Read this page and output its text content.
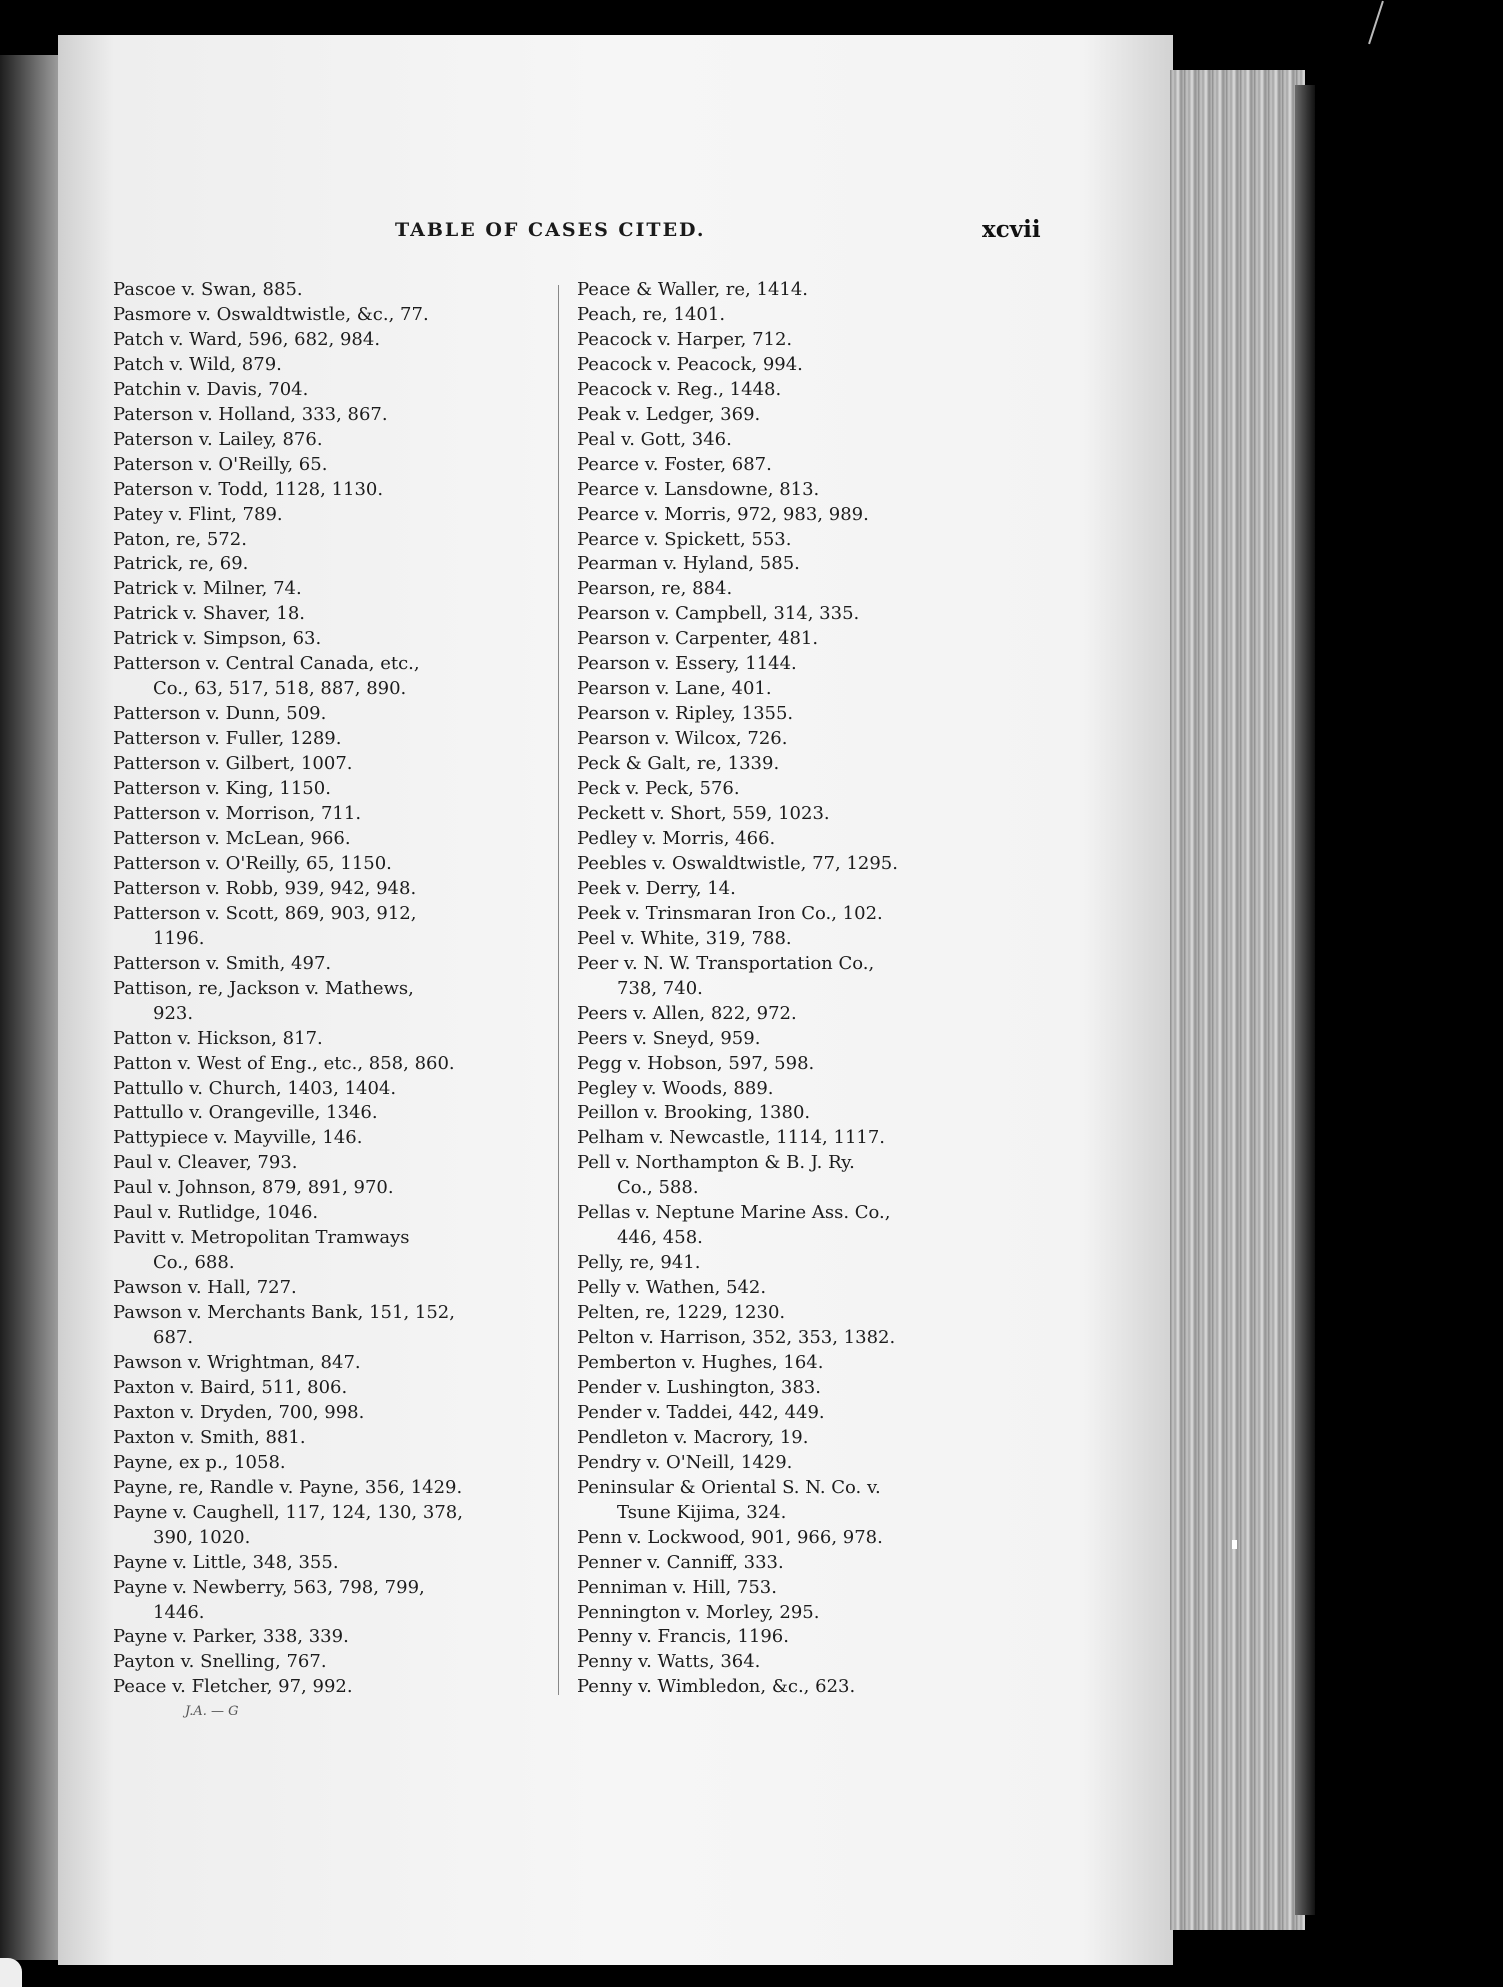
TABLE OF CASES CITED.	xcvii
Pascoe v. Swan, 885.
Pasmore v. Oswaldtwistle, &c., 77.
Patch v. Ward, 596, 682, 984.
Patch v. Wild, 879.
Patchin v. Davis, 704.
Paterson v. Holland, 333, 867.
Paterson v. Lailey, 876.
Paterson v. O'Reilly, 65.
Paterson v. Todd, 1128, 1130.
Patey v. Flint, 789.
Paton, re, 572.
Patrick, re, 69.
Patrick v. Milner, 74.
Patrick v. Shaver, 18.
Patrick v. Simpson, 63.
Patterson v. Central Canada, etc.,
Co., 63, 517, 518, 887, 890.
Patterson v. Dunn, 509.
Patterson v. Fuller, 1289.
Patterson v. Gilbert, 1007.
Patterson v. King, 1150.
Patterson v. Morrison, 711.
Patterson v. McLean, 966.
Patterson v. O'Reilly, 65, 1150.
Patterson v. Robb, 939, 942, 948.
Patterson v. Scott, 869, 903, 912,
1196.
Patterson v. Smith, 497.
Pattison, re, Jackson v. Mathews,
923.
Patton v. Hickson, 817.
Patton v. West of Eng., etc., 858, 860.
Pattullo v. Church, 1403, 1404.
Pattullo v. Orangeville, 1346.
Pattypiece v. Mayville, 146.
Paul v. Cleaver, 793.
Paul v. Johnson, 879, 891, 970.
Paul v. Rutlidge, 1046.
Pavitt v. Metropolitan Tramways
Co., 688.
Pawson v. Hall, 727.
Pawson v. Merchants Bank, 151, 152,
687.
Pawson v. Wrightman, 847.
Paxton v. Baird, 511, 806.
Paxton v. Dryden, 700, 998.
Paxton v. Smith, 881.
Payne, ex p., 1058.
Payne, re, Randle v. Payne, 356, 1429.
Payne v. Caughell, 117, 124, 130, 378,
390, 1020.
Payne v. Little, 348, 355.
Payne v. Newberry, 563, 798, 799,
1446.
Payne v. Parker, 338, 339.
Payton v. Snelling, 767.
Peace v. Fletcher, 97, 992.
Peace & Waller, re, 1414.
Peach, re, 1401.
Peacock v. Harper, 712.
Peacock v. Peacock, 994.
Peacock v. Reg., 1448.
Peak v. Ledger, 369.
Peal v. Gott, 346.
Pearce v. Foster, 687.
Pearce v. Lansdowne, 813.
Pearce v. Morris, 972, 983, 989.
Pearce v. Spickett, 553.
Pearman v. Hyland, 585.
Pearson, re, 884.
Pearson v. Campbell, 314, 335.
Pearson v. Carpenter, 481.
Pearson v. Essery, 1144.
Pearson v. Lane, 401.
Pearson v. Ripley, 1355.
Pearson v. Wilcox, 726.
Peck & Galt, re, 1339.
Peck v. Peck, 576.
Peckett v. Short, 559, 1023.
Pedley v. Morris, 466.
Peebles v. Oswaldtwistle, 77, 1295.
Peek v. Derry, 14.
Peek v. Trinsmaran Iron Co., 102.
Peel v. White, 319, 788.
Peer v. N. W. Transportation Co.,
738, 740.
Peers v. Allen, 822, 972.
Peers v. Sneyd, 959.
Pegg v. Hobson, 597, 598.
Pegley v. Woods, 889.
Peillon v. Brooking, 1380.
Pelham v. Newcastle, 1114, 1117.
Pell v. Northampton & B. J. Ry.
Co., 588.
Pellas v. Neptune Marine Ass. Co.,
446, 458.
Pelly, re, 941.
Pelly v. Wathen, 542.
Pelten, re, 1229, 1230.
Pelton v. Harrison, 352, 353, 1382.
Pemberton v. Hughes, 164.
Pender v. Lushington, 383.
Pender v. Taddei, 442, 449.
Pendleton v. Macrory, 19.
Pendry v. O'Neill, 1429.
Peninsular & Oriental S. N. Co. v.
Tsune Kijima, 324.
Penn v. Lockwood, 901, 966, 978.
Penner v. Canniff, 333.
Penniman v. Hill, 753.
Pennington v. Morley, 295.
Penny v. Francis, 1196.
Penny v. Watts, 364.
Penny v. Wimbledon, &c., 623.
J.A. — G
